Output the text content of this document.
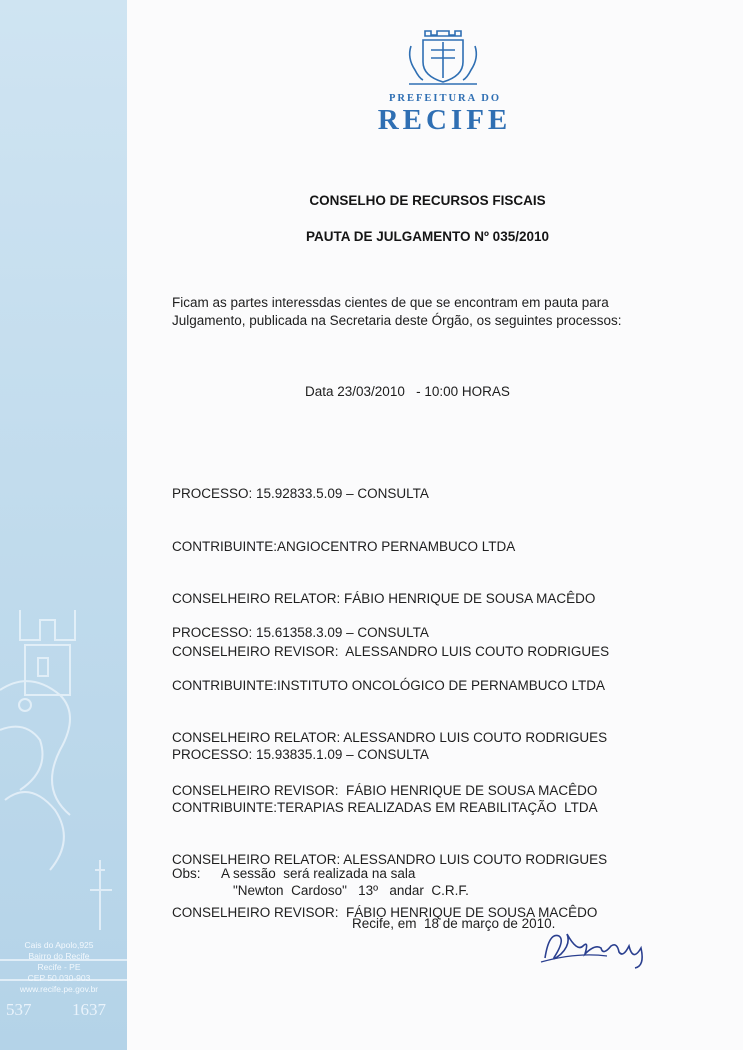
Cais do Apolo,925
Bairro do Recife
Recife - PE
CEP 50.030-903
www.recife.pe.gov.br
537 1637
PREFEITURA DO
RECIFE
CONSELHO DE RECURSOS FISCAIS
PAUTA DE JULGAMENTO Nº 035/2010
Ficam as partes interessdas cientes de que se encontram em pauta para
Julgamento, publicada na Secretaria deste Órgão, os seguintes processos:
Data 23/03/2010   - 10:00 HORAS

PROCESSO: 15.92833.5.09 – CONSULTA

CONTRIBUINTE:ANGIOCENTRO PERNAMBUCO LTDA

CONSELHEIRO RELATOR: FÁBIO HENRIQUE DE SOUSA MACÊDO

CONSELHEIRO REVISOR:  ALESSANDRO LUIS COUTO RODRIGUES

PROCESSO: 15.61358.3.09 – CONSULTA

CONTRIBUINTE:INSTITUTO ONCOLÓGICO DE PERNAMBUCO LTDA

CONSELHEIRO RELATOR: ALESSANDRO LUIS COUTO RODRIGUES

CONSELHEIRO REVISOR:  FÁBIO HENRIQUE DE SOUSA MACÊDO

PROCESSO: 15.93835.1.09 – CONSULTA

CONTRIBUINTE:TERAPIAS REALIZADAS EM REABILITAÇÃO  LTDA

CONSELHEIRO RELATOR: ALESSANDRO LUIS COUTO RODRIGUES

CONSELHEIRO REVISOR:  FÁBIO HENRIQUE DE SOUSA MACÊDO

Obs: A sessão  será realizada na sala
"Newton  Cardoso"   13º   andar  C.R.F.
Recife, em  18 de março de 2010.
